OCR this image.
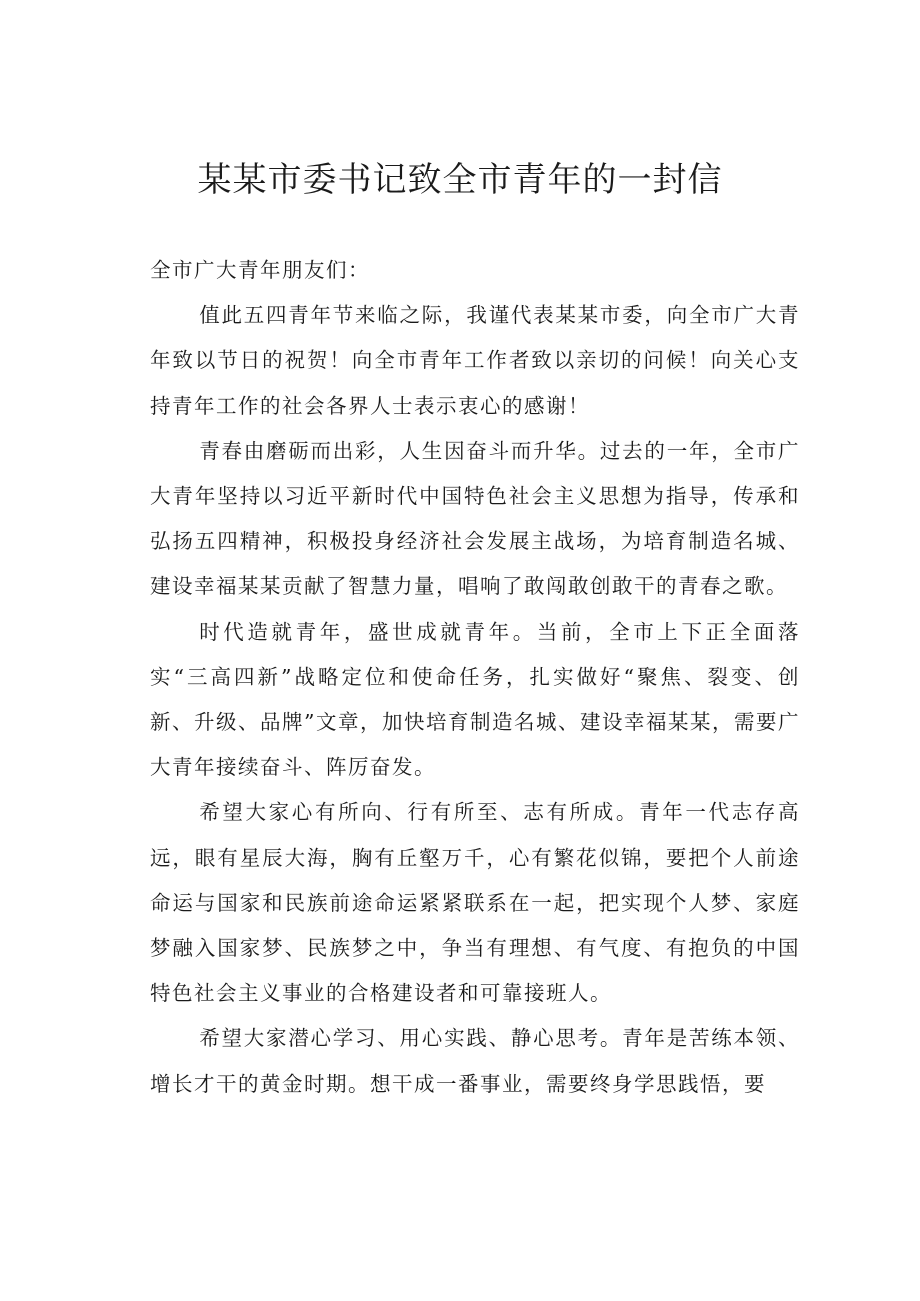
某某市委书记致全市青年的一封信

全市广大青年朋友们：

值此五四青年节来临之际，我谨代表某某市委，向全市广大青年致以节日的祝贺！向全市青年工作者致以亲切的问候！向关心支持青年工作的社会各界人士表示衷心的感谢！

青春由磨砺而出彩，人生因奋斗而升华。过去的一年，全市广大青年坚持以习近平新时代中国特色社会主义思想为指导，传承和弘扬五四精神，积极投身经济社会发展主战场，为培育制造名城、建设幸福某某贡献了智慧力量，唱响了敢闯敢创敢干的青春之歌。

时代造就青年，盛世成就青年。当前，全市上下正全面落实“三高四新”战略定位和使命任务，扎实做好“聚焦、裂变、创新、升级、品牌”文章，加快培育制造名城、建设幸福某某，需要广大青年接续奋斗、阵厉奋发。

希望大家心有所向、行有所至、志有所成。青年一代志存高远，眼有星辰大海，胸有丘壑万千，心有繁花似锦，要把个人前途命运与国家和民族前途命运紧紧联系在一起，把实现个人梦、家庭梦融入国家梦、民族梦之中，争当有理想、有气度、有抱负的中国特色社会主义事业的合格建设者和可靠接班人。

希望大家潜心学习、用心实践、静心思考。青年是苦练本领、增长才干的黄金时期。想干成一番事业，需要终身学思践悟，要
